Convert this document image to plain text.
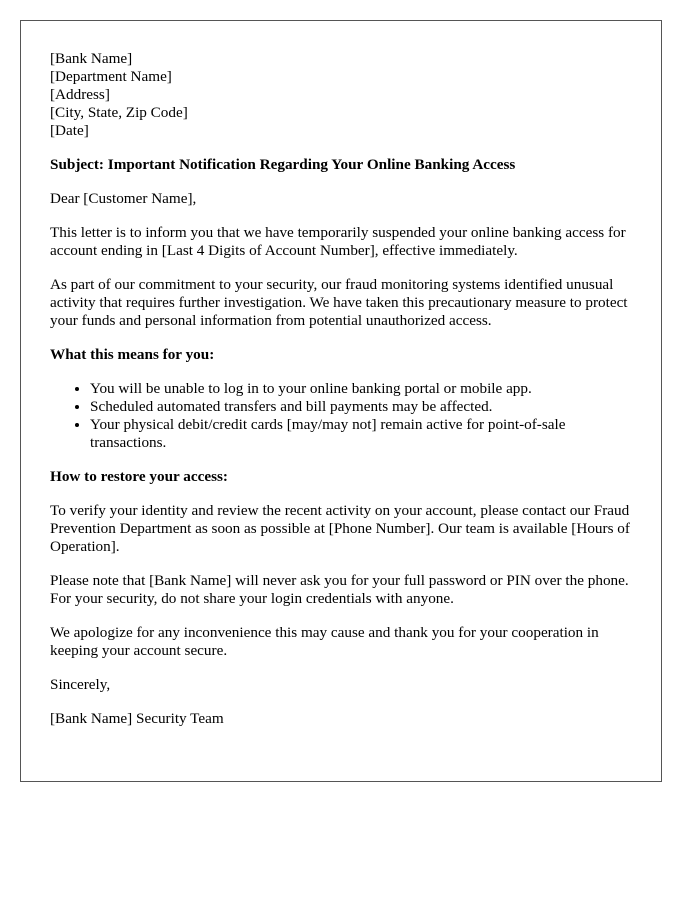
[Bank Name]
[Department Name]
[Address]
[City, State, Zip Code]
[Date]
Subject: Important Notification Regarding Your Online Banking Access
Dear [Customer Name],
This letter is to inform you that we have temporarily suspended your online banking access for account ending in [Last 4 Digits of Account Number], effective immediately.
As part of our commitment to your security, our fraud monitoring systems identified unusual activity that requires further investigation. We have taken this precautionary measure to protect your funds and personal information from potential unauthorized access.
What this means for you:
• You will be unable to log in to your online banking portal or mobile app.
• Scheduled automated transfers and bill payments may be affected.
• Your physical debit/credit cards [may/may not] remain active for point-of-sale transactions.
How to restore your access:
To verify your identity and review the recent activity on your account, please contact our Fraud Prevention Department as soon as possible at [Phone Number]. Our team is available [Hours of Operation].
Please note that [Bank Name] will never ask you for your full password or PIN over the phone. For your security, do not share your login credentials with anyone.
We apologize for any inconvenience this may cause and thank you for your cooperation in keeping your account secure.
Sincerely,
[Bank Name] Security Team
